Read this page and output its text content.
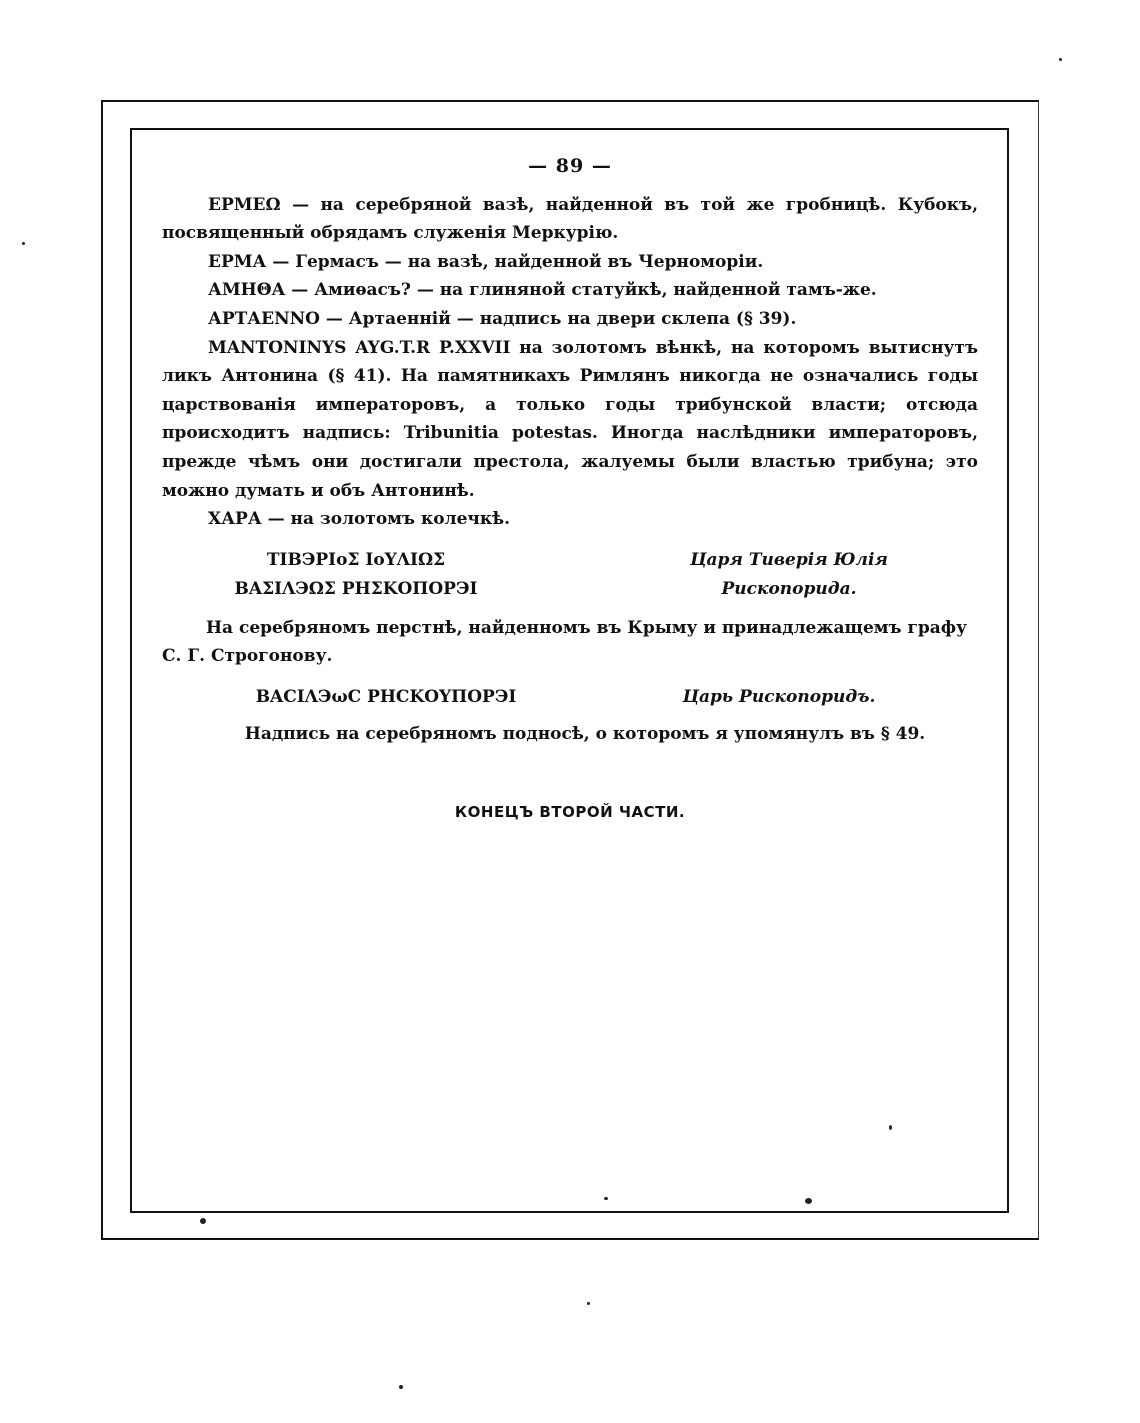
— 89 —

ЕРМЕΩ — на серебряной вазѣ, найденной въ той же гробницѣ. Кубокъ, посвященный обрядамъ служенія Меркурію.

ЕРМА — Гермасъ — на вазѣ, найденной въ Черноморіи.

АМНΘА — Амиѳасъ? — на глиняной статуйкѣ, найденной тамъ-же.

АРТАЕNNO — Артаенній — надпись на двери склепа (§ 39).

MANTONINYS AYG.T.R P.XXVII на золотомъ вѣнкѣ, на которомъ вытиснутъ ликъ Антонина (§ 41). На памятникахъ Римлянъ никогда не означались годы царствованія императоровъ, а только годы трибунской власти; отсюда происходитъ надпись: Tribunitia potestas. Иногда наслѣдники императоровъ, прежде чѣмъ они достигали престола, жалуемы были властью трибуна; это можно думать и объ Антонинѣ.

ХАРА — на золотомъ колечкѣ.

ΤΙΒЭΡΙοΣ ΙοΥΛΙΩΣ
ΒΑΣΙΛЭΩΣ ΡΗΣΚΟΠΟΡЭΙ
Царя Тиверія Юлія
Рископорида.

На серебряномъ перстнѣ, найденномъ въ Крыму и принадлежащемъ графу С. Г. Строгонову.

ΒΑСΙΛЭωС ΡΗСΚΟΥΠΟΡЭΙ	Царь Рископоридъ.

Надпись на серебряномъ подносѣ, о которомъ я упомянулъ въ § 49.

КОНЕЦЪ ВТОРОЙ ЧАСТИ.
